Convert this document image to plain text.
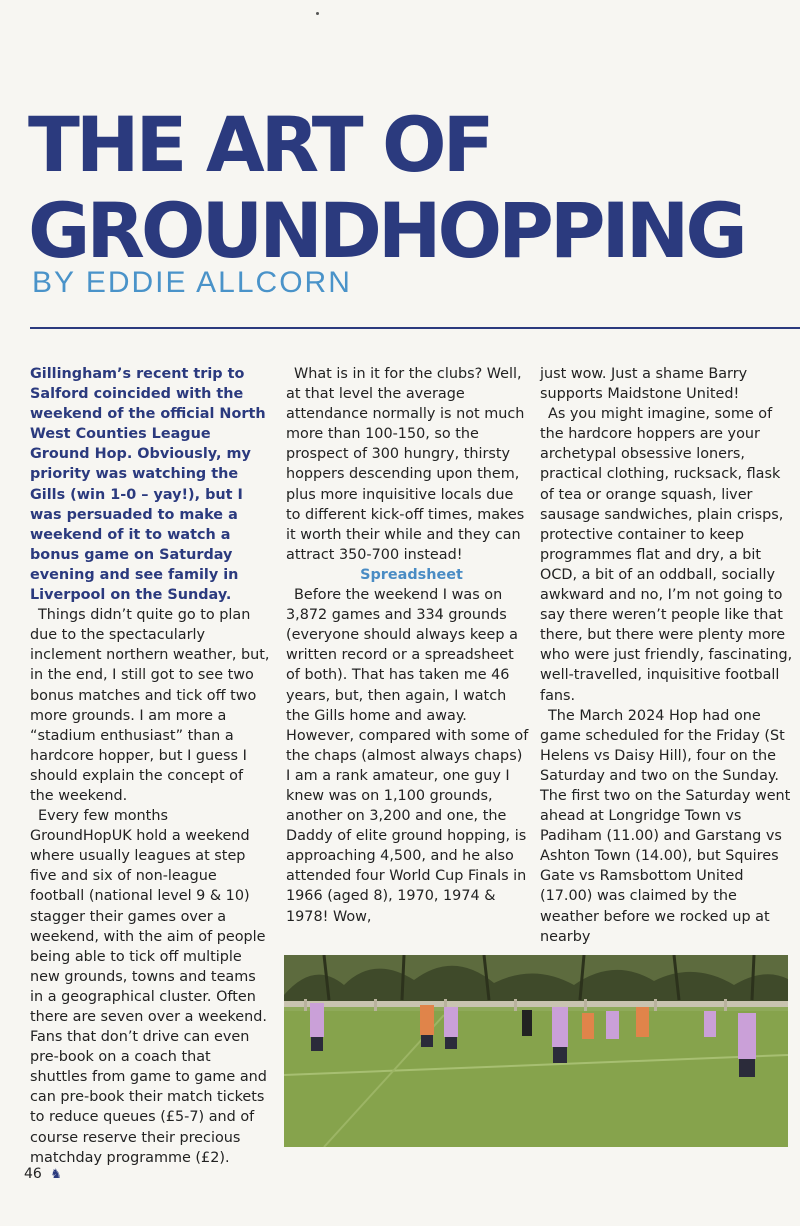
THE ART OF
GROUNDHOPPING
BY EDDIE ALLCORN

Gillingham’s recent trip to Salford coincided with the weekend of the official North West Counties League Ground Hop. Obviously, my priority was watching the Gills (win 1-0 – yay!), but I was persuaded to make a weekend of it to watch a bonus game on Saturday evening and see family in Liverpool on the Sunday.

Things didn’t quite go to plan due to the spectacularly inclement northern weather, but, in the end, I still got to see two bonus matches and tick off two more grounds. I am more a “stadium enthusiast” than a hardcore hopper, but I guess I should explain the concept of the weekend.

Every few months GroundHopUK hold a weekend where usually leagues at step five and six of non-league football (national level 9 & 10) stagger their games over a weekend, with the aim of people being able to tick off multiple new grounds, towns and teams in a geographical cluster. Often there are seven over a weekend. Fans that don’t drive can even pre-book on a coach that shuttles from game to game and can pre-book their match tickets to reduce queues (£5-7) and of course reserve their precious matchday programme (£2).

What is in it for the clubs? Well, at that level the average attendance normally is not much more than 100-150, so the prospect of 300 hungry, thirsty hoppers descending upon them, plus more inquisitive locals due to different kick-off times, makes it worth their while and they can attract 350-700 instead!

Spreadsheet

Before the weekend I was on 3,872 games and 334 grounds (everyone should always keep a written record or a spreadsheet of both). That has taken me 46 years, but, then again, I watch the Gills home and away. However, compared with some of the chaps (almost always chaps) I am a rank amateur, one guy I knew was on 1,100 grounds, another on 3,200 and one, the Daddy of elite ground hopping, is approaching 4,500, and he also attended four World Cup Finals in 1966 (aged 8), 1970, 1974 & 1978! Wow,

just wow. Just a shame Barry supports Maidstone United!

As you might imagine, some of the hardcore hoppers are your archetypal obsessive loners, practical clothing, rucksack, flask of tea or orange squash, liver sausage sandwiches, plain crisps, protective container to keep programmes flat and dry, a bit OCD, a bit of an oddball, socially awkward and no, I’m not going to say there weren’t people like that there, but there were plenty more who were just friendly, fascinating, well-travelled, inquisitive football fans.

The March 2024 Hop had one game scheduled for the Friday (St Helens vs Daisy Hill), four on the Saturday and two on the Sunday. The first two on the Saturday went ahead at Longridge Town vs Padiham (11.00) and Garstang vs Ashton Town (14.00), but Squires Gate vs Ramsbottom United (17.00) was claimed by the weather before we rocked up at nearby

46 ♞
